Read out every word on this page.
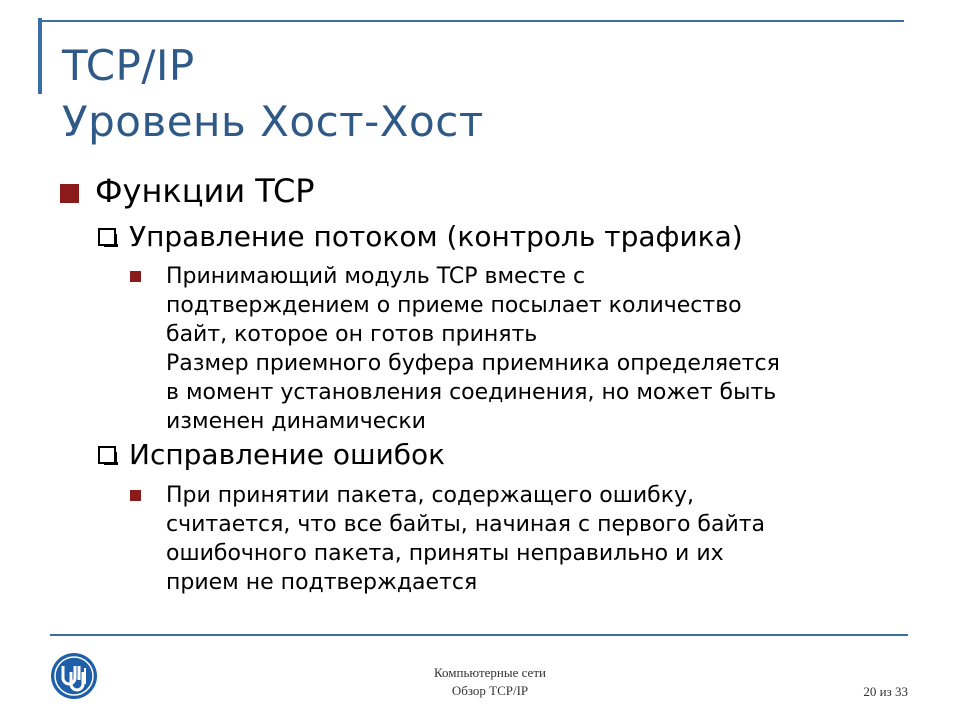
TCP/IP
Уровень Хост-Хост
Функции TCP
Управление потоком (контроль трафика)
Принимающий модуль TCP вместе с
подтверждением о приеме посылает количество
байт, которое он готов принять
Размер приемного буфера приемника определяется
в момент установления соединения, но может быть
изменен динамически
Исправление ошибок
При принятии пакета, содержащего ошибку,
считается, что все байты, начиная с первого байта
ошибочного пакета, приняты неправильно и их
прием не подтверждается
Компьютерные сети
Обзор TCP/IP	20 из 33
